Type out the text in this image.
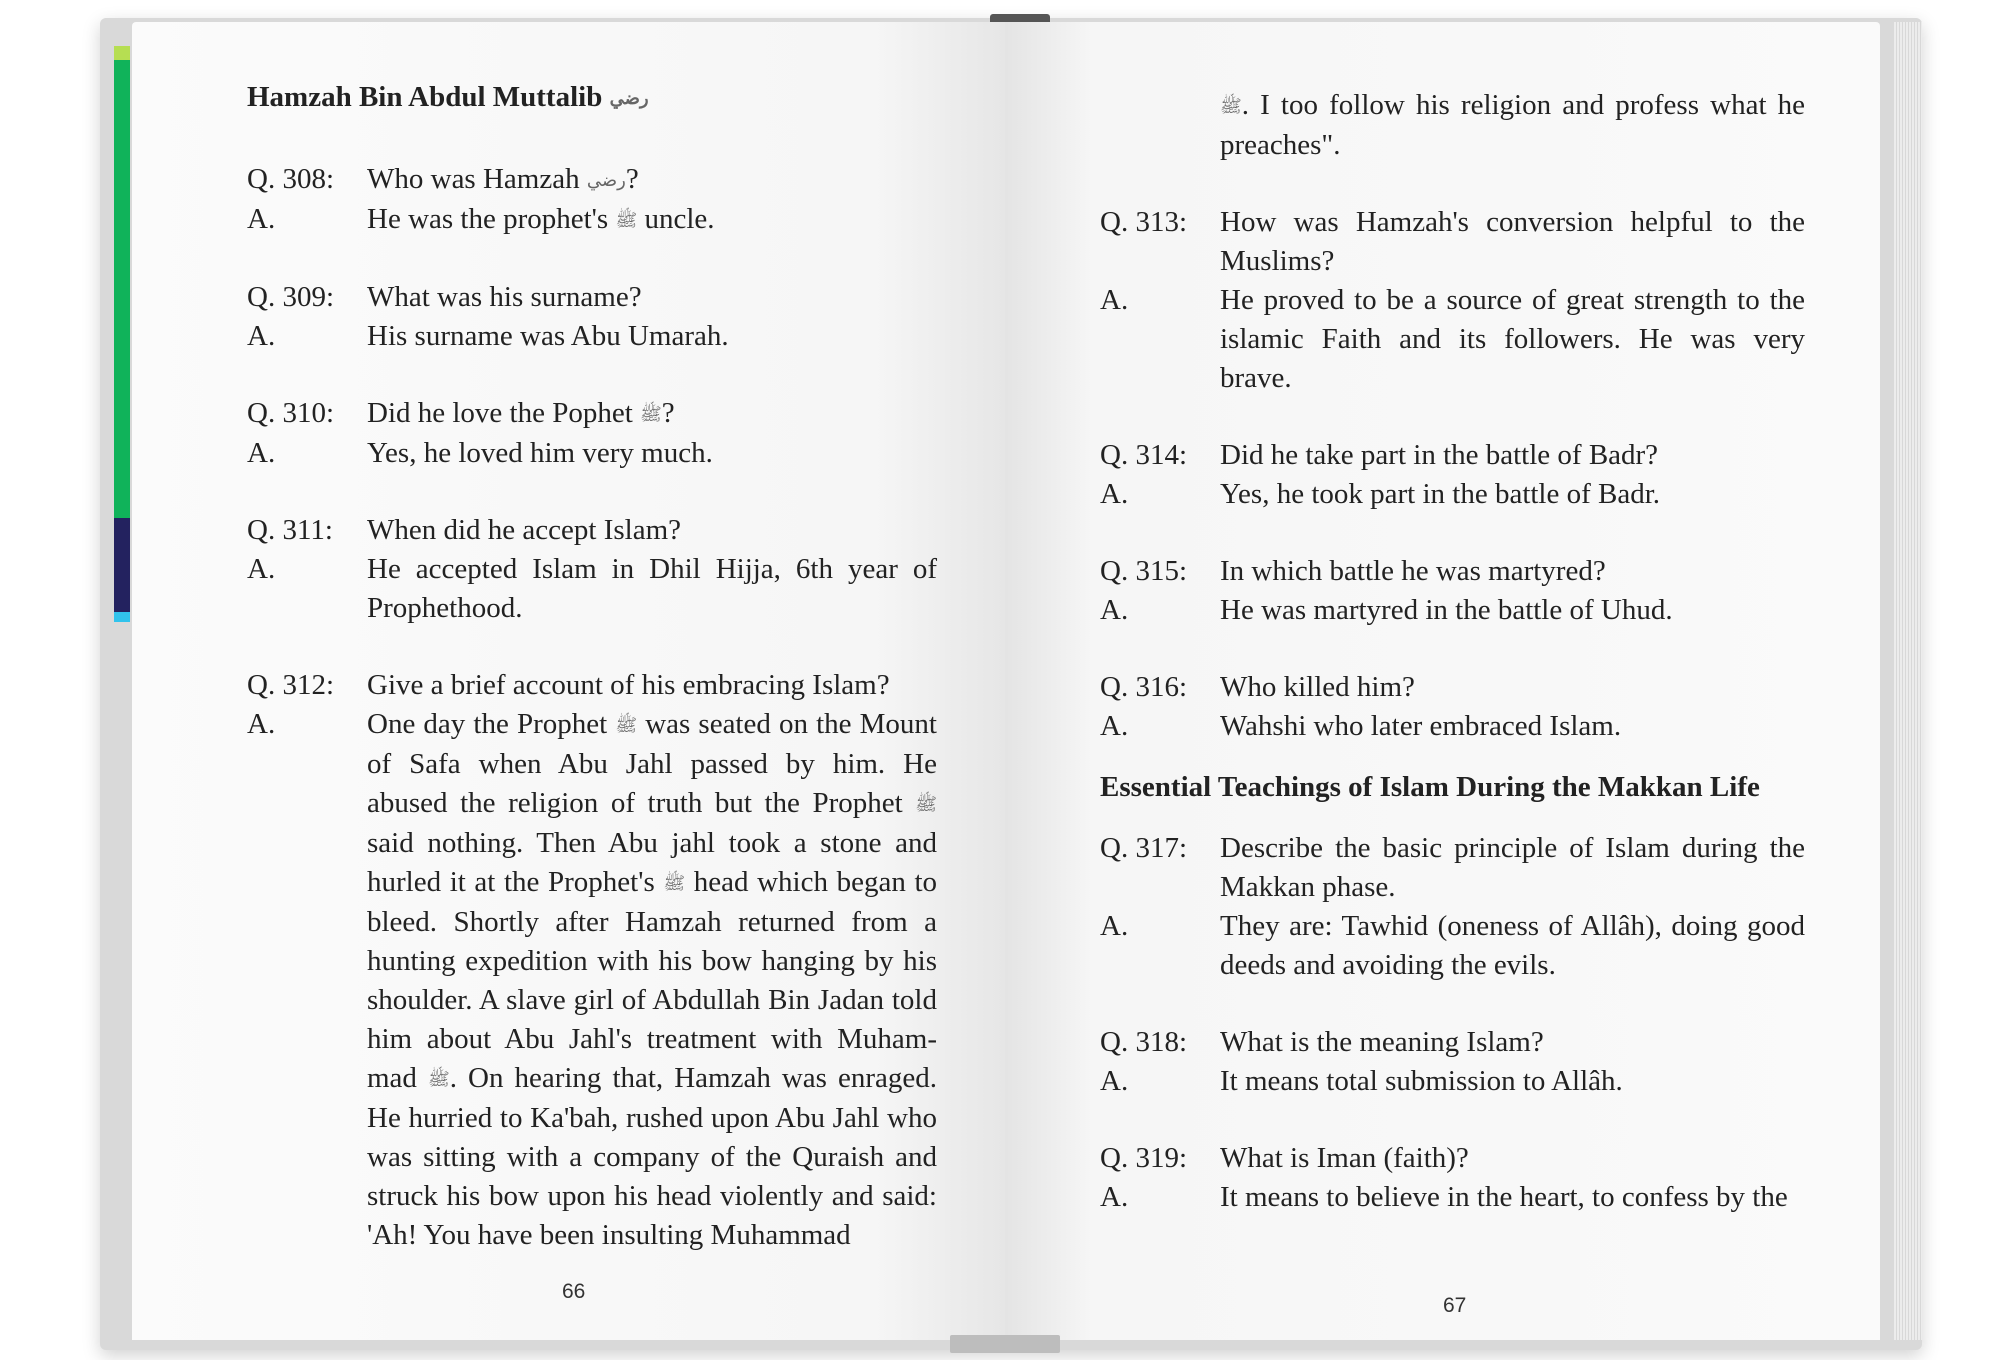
Hamzah Bin Abdul Muttalib رضي
Q. 308:	Who was Hamzah رضي?
A.	He was the prophet's ﷺ uncle.
Q. 309:	What was his surname?
A.	His surname was Abu Umarah.
Q. 310:	Did he love the Pophet ﷺ?
A.	Yes, he loved him very much.
Q. 311:	When did he accept Islam?
A.	He accepted Islam in Dhil Hijja, 6th year of Prophethood.
Q. 312:	Give a brief account of his embracing Islam?
A.	One day the Prophet ﷺ was seated on the Mount of Safa when Abu Jahl passed by him. He abused the religion of truth but the Prophet ﷺ said nothing. Then Abu jahl took a stone and hurled it at the Prophet's ﷺ head which began to bleed. Shortly after Hamzah returned from a hunting expedition with his bow hanging by his shoulder. A slave girl of Abdullah Bin Jadan told him about Abu Jahl's treatment with Muham-mad ﷺ. On hearing that, Hamzah was enraged. He hurried to Ka'bah, rushed upon Abu Jahl who was sitting with a company of the Quraish and struck his bow upon his head violently and said: 'Ah! You have been insulting Muhammad
66
ﷺ. I too follow his religion and profess what he preaches".
Q. 313:	How was Hamzah's conversion helpful to the Muslims?
A.	He proved to be a source of great strength to the islamic Faith and its followers. He was very brave.
Q. 314:	Did he take part in the battle of Badr?
A.	Yes, he took part in the battle of Badr.
Q. 315:	In which battle he was martyred?
A.	He was martyred in the battle of Uhud.
Q. 316:	Who killed him?
A.	Wahshi who later embraced Islam.
Essential Teachings of Islam During the Makkan Life
Q. 317:	Describe the basic principle of Islam during the Makkan phase.
A.	They are: Tawhid (oneness of Allâh), doing good deeds and avoiding the evils.
Q. 318:	What is the meaning Islam?
A.	It means total submission to Allâh.
Q. 319:	What is Iman (faith)?
A.	It means to believe in the heart, to confess by the
67
